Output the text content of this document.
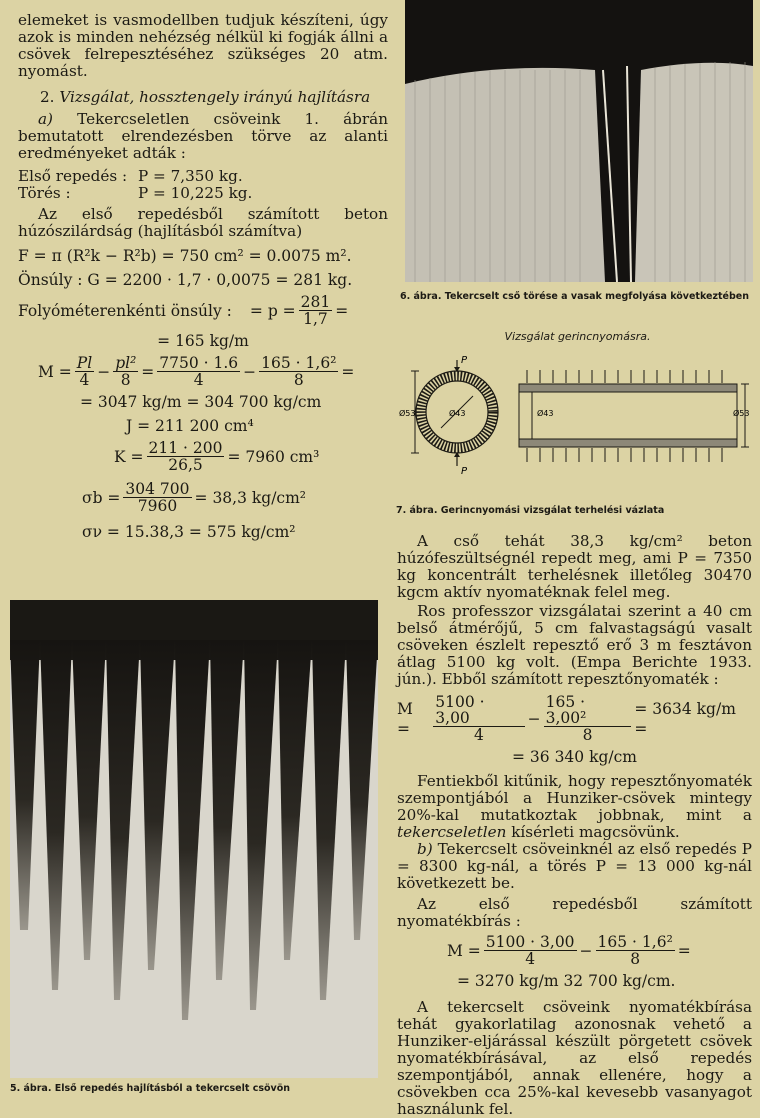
elemeket is vasmodellben tudjuk készíteni, úgy azok is minden nehézség nélkül ki fogják állni a csövek felrepesztéséhez szükséges 20 atm. nyomást.

2. Vizsgálat, hossztengely irányú hajlításra

a) Tekercseletlen csöveink 1. ábrán bemutatott elrendezésben törve az alanti eredményeket adták :

Első repedés : P = 7,350 kg.
Törés :	P = 10,225 kg.

Az első repedésből számított beton húzószilárdság (hajlításból számítva)

F = π (R²k − R²b) = 750 cm² = 0.0075 m².
Önsúly : G = 2200 · 1,7 · 0,0075 = 281 kg.
Folyóméterenkénti önsúly : = $p = \frac{281}{1,7}$ =
= 165 kg/m
$M = \frac{Pl}{4} - \frac{\text{pl²}}{8} = \frac{7750 \cdot 1.6}{4} - \frac{\text{165 · 1,6²}}{8}$ =
= 3047 kg/m = 304 700 kg/cm
J = 211 200 cm⁴
$K = \frac{211 \cdot 200}{26,5} = 7960$ cm³
$\sigma b = \frac{304 700}{7960} = 38,3$ kg/cm²
σν = 15.38,3 = 575 kg/cm²
5. ábra. Első repedés hajlításból a tekercselt csövön
6. ábra. Tekercselt cső törése a vasak megfolyása következtében
Vizsgálat gerincnyomásra.
P
P
Ø53	Ø43	Ø43	Ø53
7. ábra. Gerincnyomási vizsgálat terhelési vázlata

A cső tehát 38,3 kg/cm² beton húzófeszültségnél repedt meg, ami P = 7350 kg koncentrált terhelésnek illetőleg 30470 kgcm aktív nyomatéknak felel meg.

Ros professzor vizsgálatai szerint a 40 cm belső átmérőjű, 5 cm falvastagságú vasalt csöveken észlelt repesztő erő 3 m fesztávon átlag 5100 kg volt. (Empa Berichte 1933. jún.). Ebből számított repesztőnyomaték :

M =	$\frac{5100 \cdot 3,00}{4} - \frac{\text{165 · 3,00²}}{8} = 3634$ kg/m =
= 36 340 kg/cm

Fentiekből kitűnik, hogy repesztőnyomaték szempontjából a Hunziker-csövek mintegy 20%-kal mutatkoztak jobbnak, mint a tekercseletlen kísérleti magcsövünk.

b) Tekercselt csöveinknél az első repedés P = 8300 kg-nál, a törés P = 13 000 kg-nál következett be.

Az első repedésből számított nyomatékbírás :

$M = \frac{5100 \cdot 3,00}{4} - \frac{\text{165 · 1,6²}}{8}$ =
= 3270 kg/m 32 700 kg/cm.

A tekercselt csöveink nyomatékbírása tehát gyakorlatilag azonosnak vehető a Hunziker-eljárással készült pörgetett csövek nyomatékbírásával, az első repedés szempontjából, annak ellenére, hogy a csövekben cca 25%-kal kevesebb vasanyagot használunk fel.
